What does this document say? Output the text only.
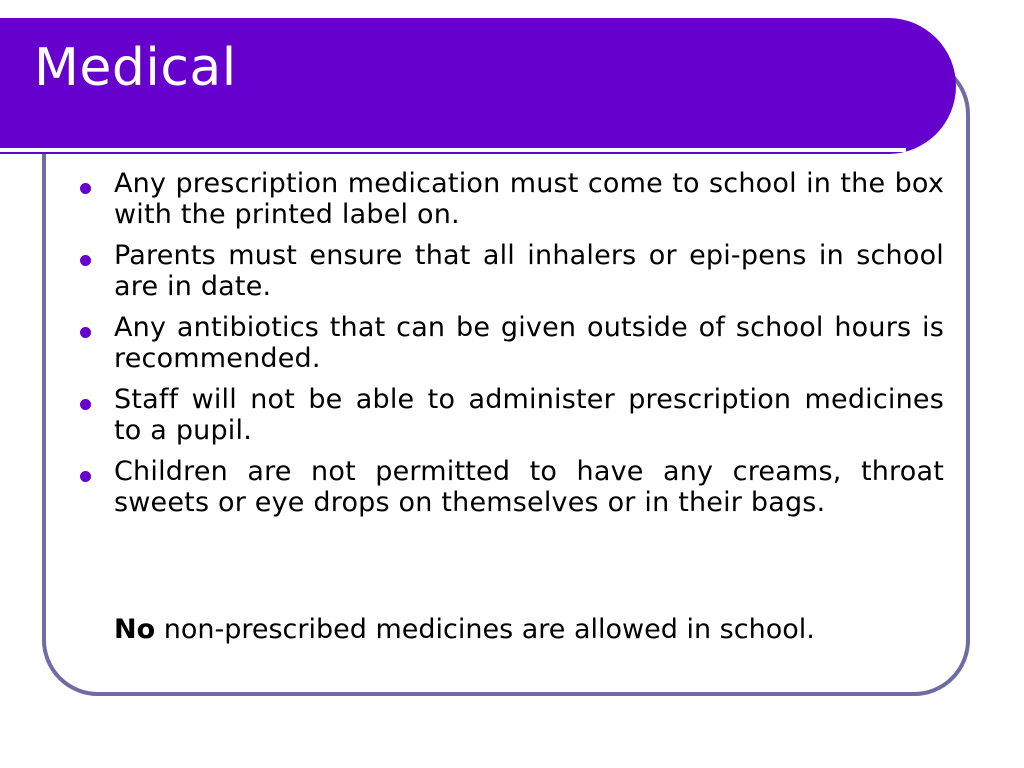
Medical
Any prescription medication must come to school in the box with the printed label on.
Parents must ensure that all inhalers or epi-pens in school are in date.
Any antibiotics that can be given outside of school hours is recommended.
Staff will not be able to administer prescription medicines to a pupil.
Children are not permitted to have any creams, throat sweets or eye drops on themselves or in their bags.

No non-prescribed medicines are allowed in school.
